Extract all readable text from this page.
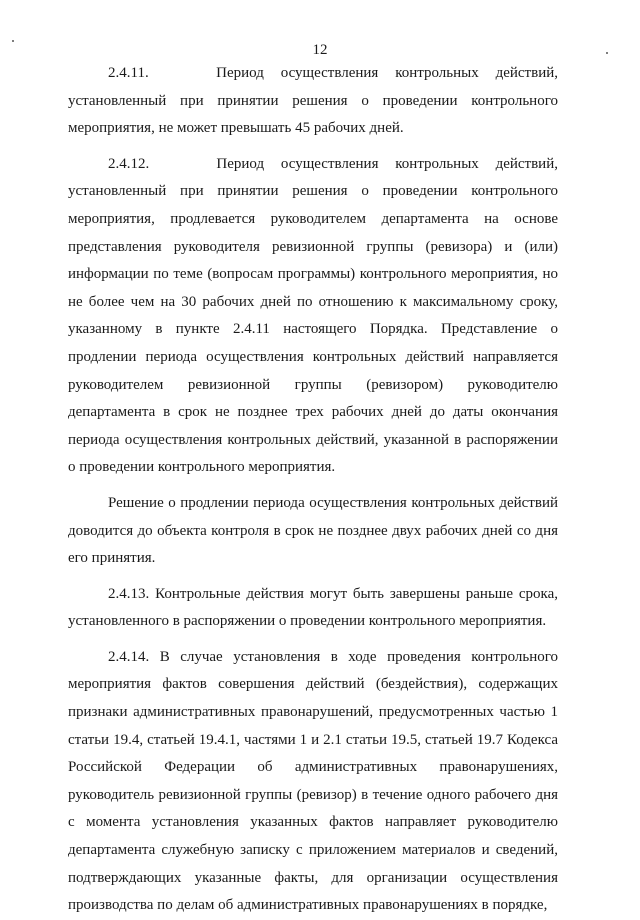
12

2.4.11.    Период осуществления контрольных действий, установленный при принятии решения о проведении контрольного мероприятия, не может превышать 45 рабочих дней.

2.4.12.    Период осуществления контрольных действий, установленный при принятии решения о проведении контрольного мероприятия, продлевается руководителем департамента на основе представления руководителя ревизионной группы (ревизора) и (или) информации по теме (вопросам программы) контрольного мероприятия, но не более чем на 30 рабочих дней по отношению к максимальному сроку, указанному в пункте 2.4.11 настоящего Порядка. Представление о продлении периода осуществления контрольных действий направляется руководителем ревизионной группы (ревизором) руководителю департамента в срок не позднее трех рабочих дней до даты окончания периода осуществления контрольных действий, указанной в распоряжении о проведении контрольного мероприятия.

Решение о продлении периода осуществления контрольных действий доводится до объекта контроля в срок не позднее двух рабочих дней со дня его принятия.

2.4.13. Контрольные действия могут быть завершены раньше срока, установленного в распоряжении о проведении контрольного мероприятия.

2.4.14. В случае установления в ходе проведения контрольного мероприятия фактов совершения действий (бездействия), содержащих признаки административных правонарушений, предусмотренных частью 1 статьи 19.4, статьей 19.4.1, частями 1 и 2.1 статьи 19.5, статьей 19.7 Кодекса Российской Федерации об административных правонарушениях, руководитель ревизионной группы (ревизор) в течение одного рабочего дня с момента установления указанных фактов направляет руководителю департамента служебную записку с приложением материалов и сведений, подтверждающих указанные факты, для организации осуществления производства по делам об административных правонарушениях в порядке,
